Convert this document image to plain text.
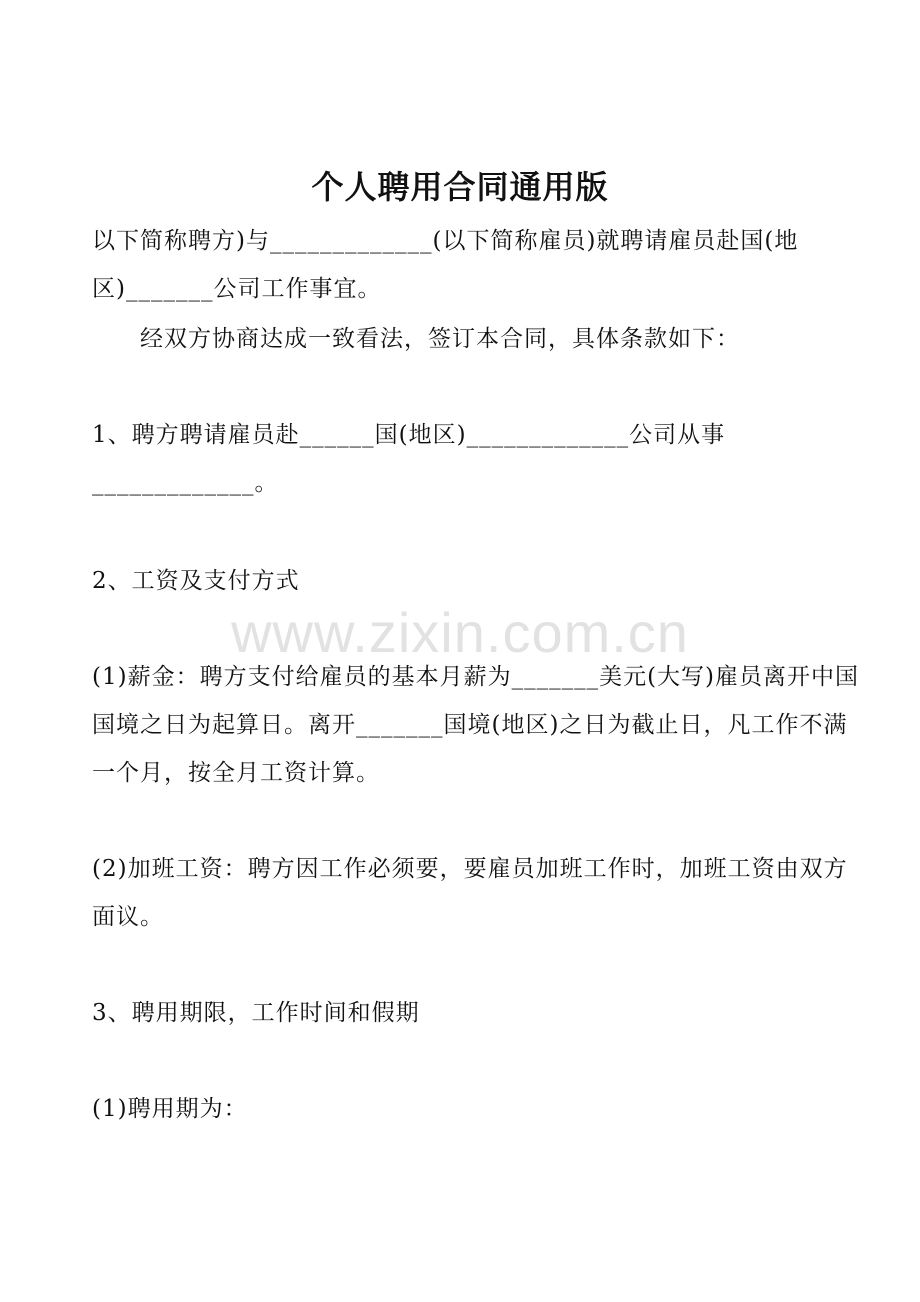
个人聘用合同通用版
以下简称聘方)与_____________(以下简称雇员)就聘请雇员赴国(地
区)_______公司工作事宜。
经双方协商达成一致看法，签订本合同，具体条款如下：
1、聘方聘请雇员赴______国(地区)_____________公司从事
_____________。
2、工资及支付方式
(1)薪金：聘方支付给雇员的基本月薪为_______美元(大写)雇员离开中国
国境之日为起算日。离开_______国境(地区)之日为截止日，凡工作不满
一个月，按全月工资计算。
(2)加班工资：聘方因工作必须要，要雇员加班工作时，加班工资由双方
面议。
3、聘用期限，工作时间和假期
(1)聘用期为：
www.zixin.com.cn
